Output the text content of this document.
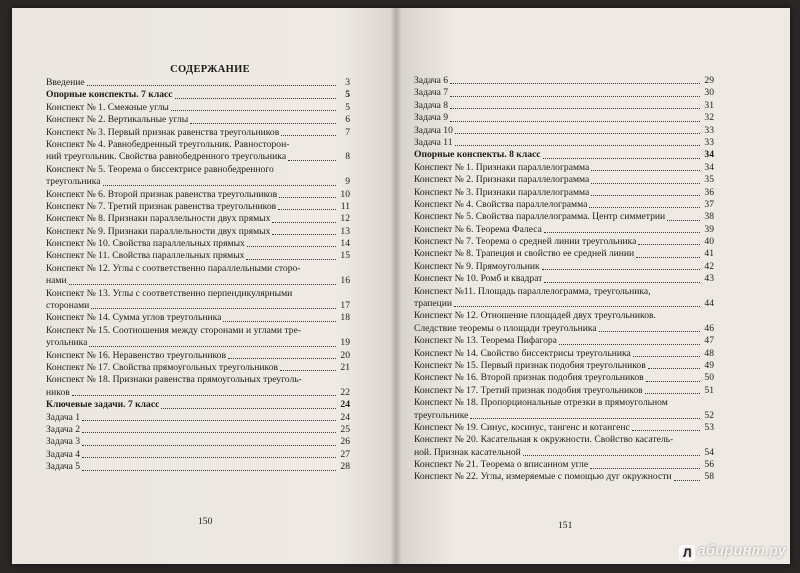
СОДЕРЖАНИЕ
Введение	3
Опорные конспекты. 7 класс	5
Конспект № 1. Смежные углы	5
Конспект № 2. Вертикальные углы	6
Конспект № 3. Первый признак равенства треугольников	7
Конспект № 4. Равнобедренный треугольник. Равносторон-
ний треугольник. Свойства равнобедренного треугольника	8
Конспект № 5. Теорема о биссектрисе равнобедренного
треугольника	9
Конспект № 6. Второй признак равенства треугольников	10
Конспект № 7. Третий признак равенства треугольников	11
Конспект № 8. Признаки параллельности двух прямых	12
Конспект № 9. Признаки параллельности двух прямых	13
Конспект № 10. Свойства параллельных прямых	14
Конспект № 11. Свойства параллельных прямых	15
Конспект № 12. Углы с соответственно параллельными сторо-
нами	16
Конспект № 13. Углы с соответственно перпендикулярными
сторонами	17
Конспект № 14. Сумма углов треугольника	18
Конспект № 15. Соотношения между сторонами и углами тре-
угольника	19
Конспект № 16. Неравенство треугольников	20
Конспект № 17. Свойства прямоугольных треугольников	21
Конспект № 18. Признаки равенства прямоугольных треуголь-
ников	22
Ключевые задачи. 7 класс	24
Задача 1	24
Задача 2	25
Задача 3	26
Задача 4	27
Задача 5	28
150
Задача 6	29
Задача 7	30
Задача 8	31
Задача 9	32
Задача 10	33
Задача 11	33
Опорные конспекты. 8 класс	34
Конспект № 1. Признаки параллелограмма	34
Конспект № 2. Признаки параллелограмма	35
Конспект № 3. Признаки параллелограмма	36
Конспект № 4. Свойства параллелограмма	37
Конспект № 5. Свойства параллелограмма. Центр симметрии	38
Конспект № 6. Теорема Фалеса	39
Конспект № 7. Теорема о средней линии треугольника	40
Конспект № 8. Трапеция и свойство ее средней линии	41
Конспект № 9. Прямоугольник	42
Конспект № 10. Ромб и квадрат	43
Конспект №11. Площадь параллелограмма, треугольника,
трапеции	44
Конспект № 12. Отношение площадей двух треугольников.
Следствие теоремы о площади треугольника	46
Конспект № 13. Теорема Пифагора	47
Конспект № 14. Свойство биссектрисы треугольника	48
Конспект № 15. Первый признак подобия треугольников	49
Конспект № 16. Второй признак подобия треугольников	50
Конспект № 17. Третий признак подобия треугольников	51
Конспект № 18. Пропорциональные отрезки в прямоугольном
треугольнике	52
Конспект № 19. Синус, косинус, тангенс и котангенс	53
Конспект № 20. Касательная к окружности. Свойство касатель-
ной. Признак касательной	54
Конспект № 21. Теорема о вписанном угле	56
Конспект № 22. Углы, измеряемые с помощью дуг окружности	58
151
Л абиринт.ру
